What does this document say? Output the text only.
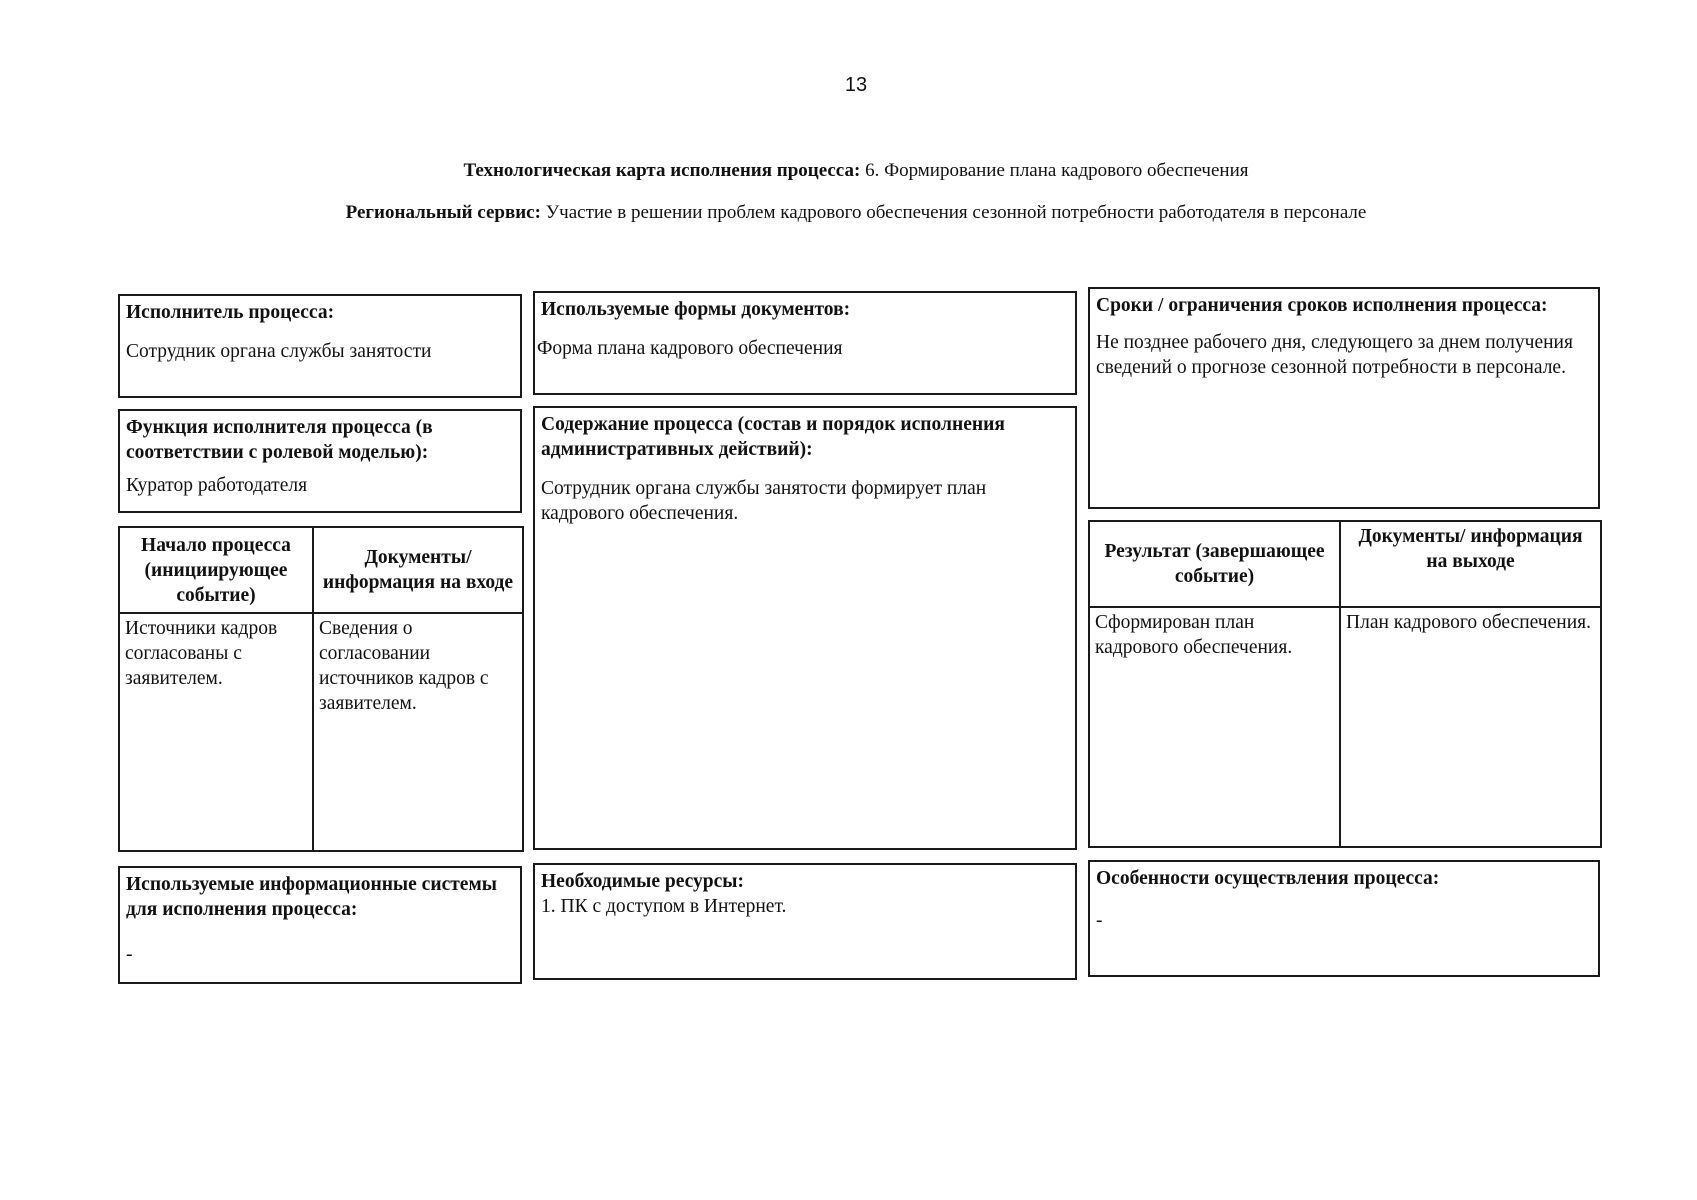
13
Технологическая карта исполнения процесса: 6. Формирование плана кадрового обеспечения
Региональный сервис: Участие в решении проблем кадрового обеспечения сезонной потребности работодателя в персонале
Исполнитель процесса:
Сотрудник органа службы занятости
Функция исполнителя процесса (в соответствии с ролевой моделью):
Куратор работодателя
Начало процесса (инициирующее событие)	Документы/ информация на входе
Источники кадров согласованы с заявителем.	Сведения о согласовании источников кадров с заявителем.
Используемые информационные системы для исполнения процесса:
-
Используемые формы документов:
Форма плана кадрового обеспечения
Содержание процесса (состав и порядок исполнения административных действий):
Сотрудник органа службы занятости формирует план кадрового обеспечения.
Необходимые ресурсы:
1. ПК с доступом в Интернет.
Сроки / ограничения сроков исполнения процесса:
Не позднее рабочего дня, следующего за днем получения сведений о прогнозе сезонной потребности в персонале.
Результат (завершающее событие)	Документы/ информация на выходе
Сформирован план кадрового обеспечения.	План кадрового обеспечения.
Особенности осуществления процесса:
-
